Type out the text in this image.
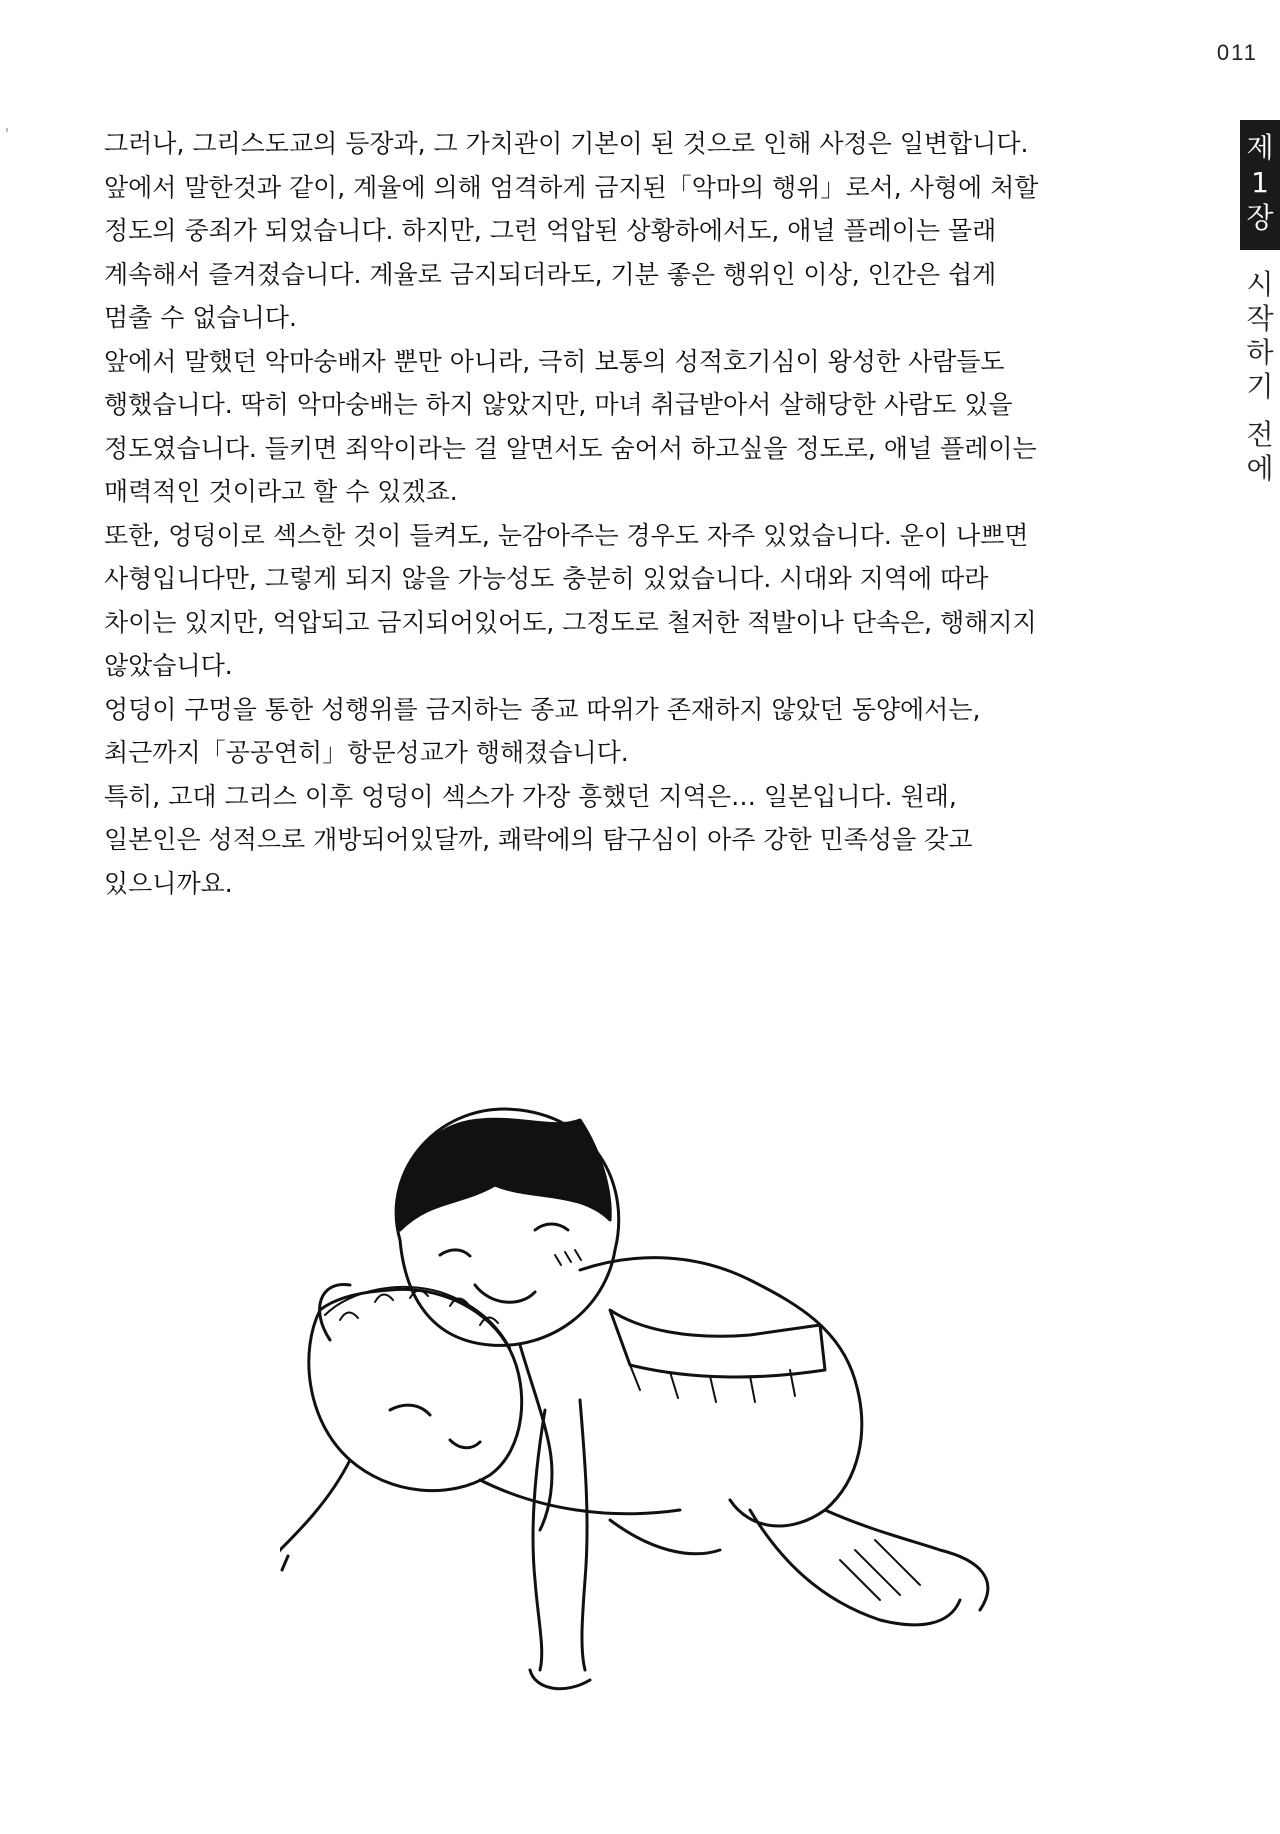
011
제
1
장
시
작
하
기
전
에
그러나, 그리스도교의 등장과, 그 가치관이 기본이 된 것으로 인해 사정은 일변합니다.
앞에서 말한것과 같이, 계율에 의해 엄격하게 금지된「악마의 행위」로서, 사형에 처할
정도의 중죄가 되었습니다. 하지만, 그런 억압된 상황하에서도, 애널 플레이는 몰래
계속해서 즐겨졌습니다. 계율로 금지되더라도, 기분 좋은 행위인 이상, 인간은 쉽게
멈출 수 없습니다.
앞에서 말했던 악마숭배자 뿐만 아니라, 극히 보통의 성적호기심이 왕성한 사람들도
행했습니다. 딱히 악마숭배는 하지 않았지만, 마녀 취급받아서 살해당한 사람도 있을
정도였습니다. 들키면 죄악이라는 걸 알면서도 숨어서 하고싶을 정도로, 애널 플레이는
매력적인 것이라고 할 수 있겠죠.
또한, 엉덩이로 섹스한 것이 들켜도, 눈감아주는 경우도 자주 있었습니다. 운이 나쁘면
사형입니다만, 그렇게 되지 않을 가능성도 충분히 있었습니다. 시대와 지역에 따라
차이는 있지만, 억압되고 금지되어있어도, 그정도로 철저한 적발이나 단속은, 행해지지
않았습니다.
엉덩이 구멍을 통한 성행위를 금지하는 종교 따위가 존재하지 않았던 동양에서는,
최근까지「공공연히」항문성교가 행해졌습니다.
특히, 고대 그리스 이후 엉덩이 섹스가 가장 흥했던 지역은… 일본입니다. 원래,
일본인은 성적으로 개방되어있달까, 쾌락에의 탐구심이 아주 강한 민족성을 갖고
있으니까요.
